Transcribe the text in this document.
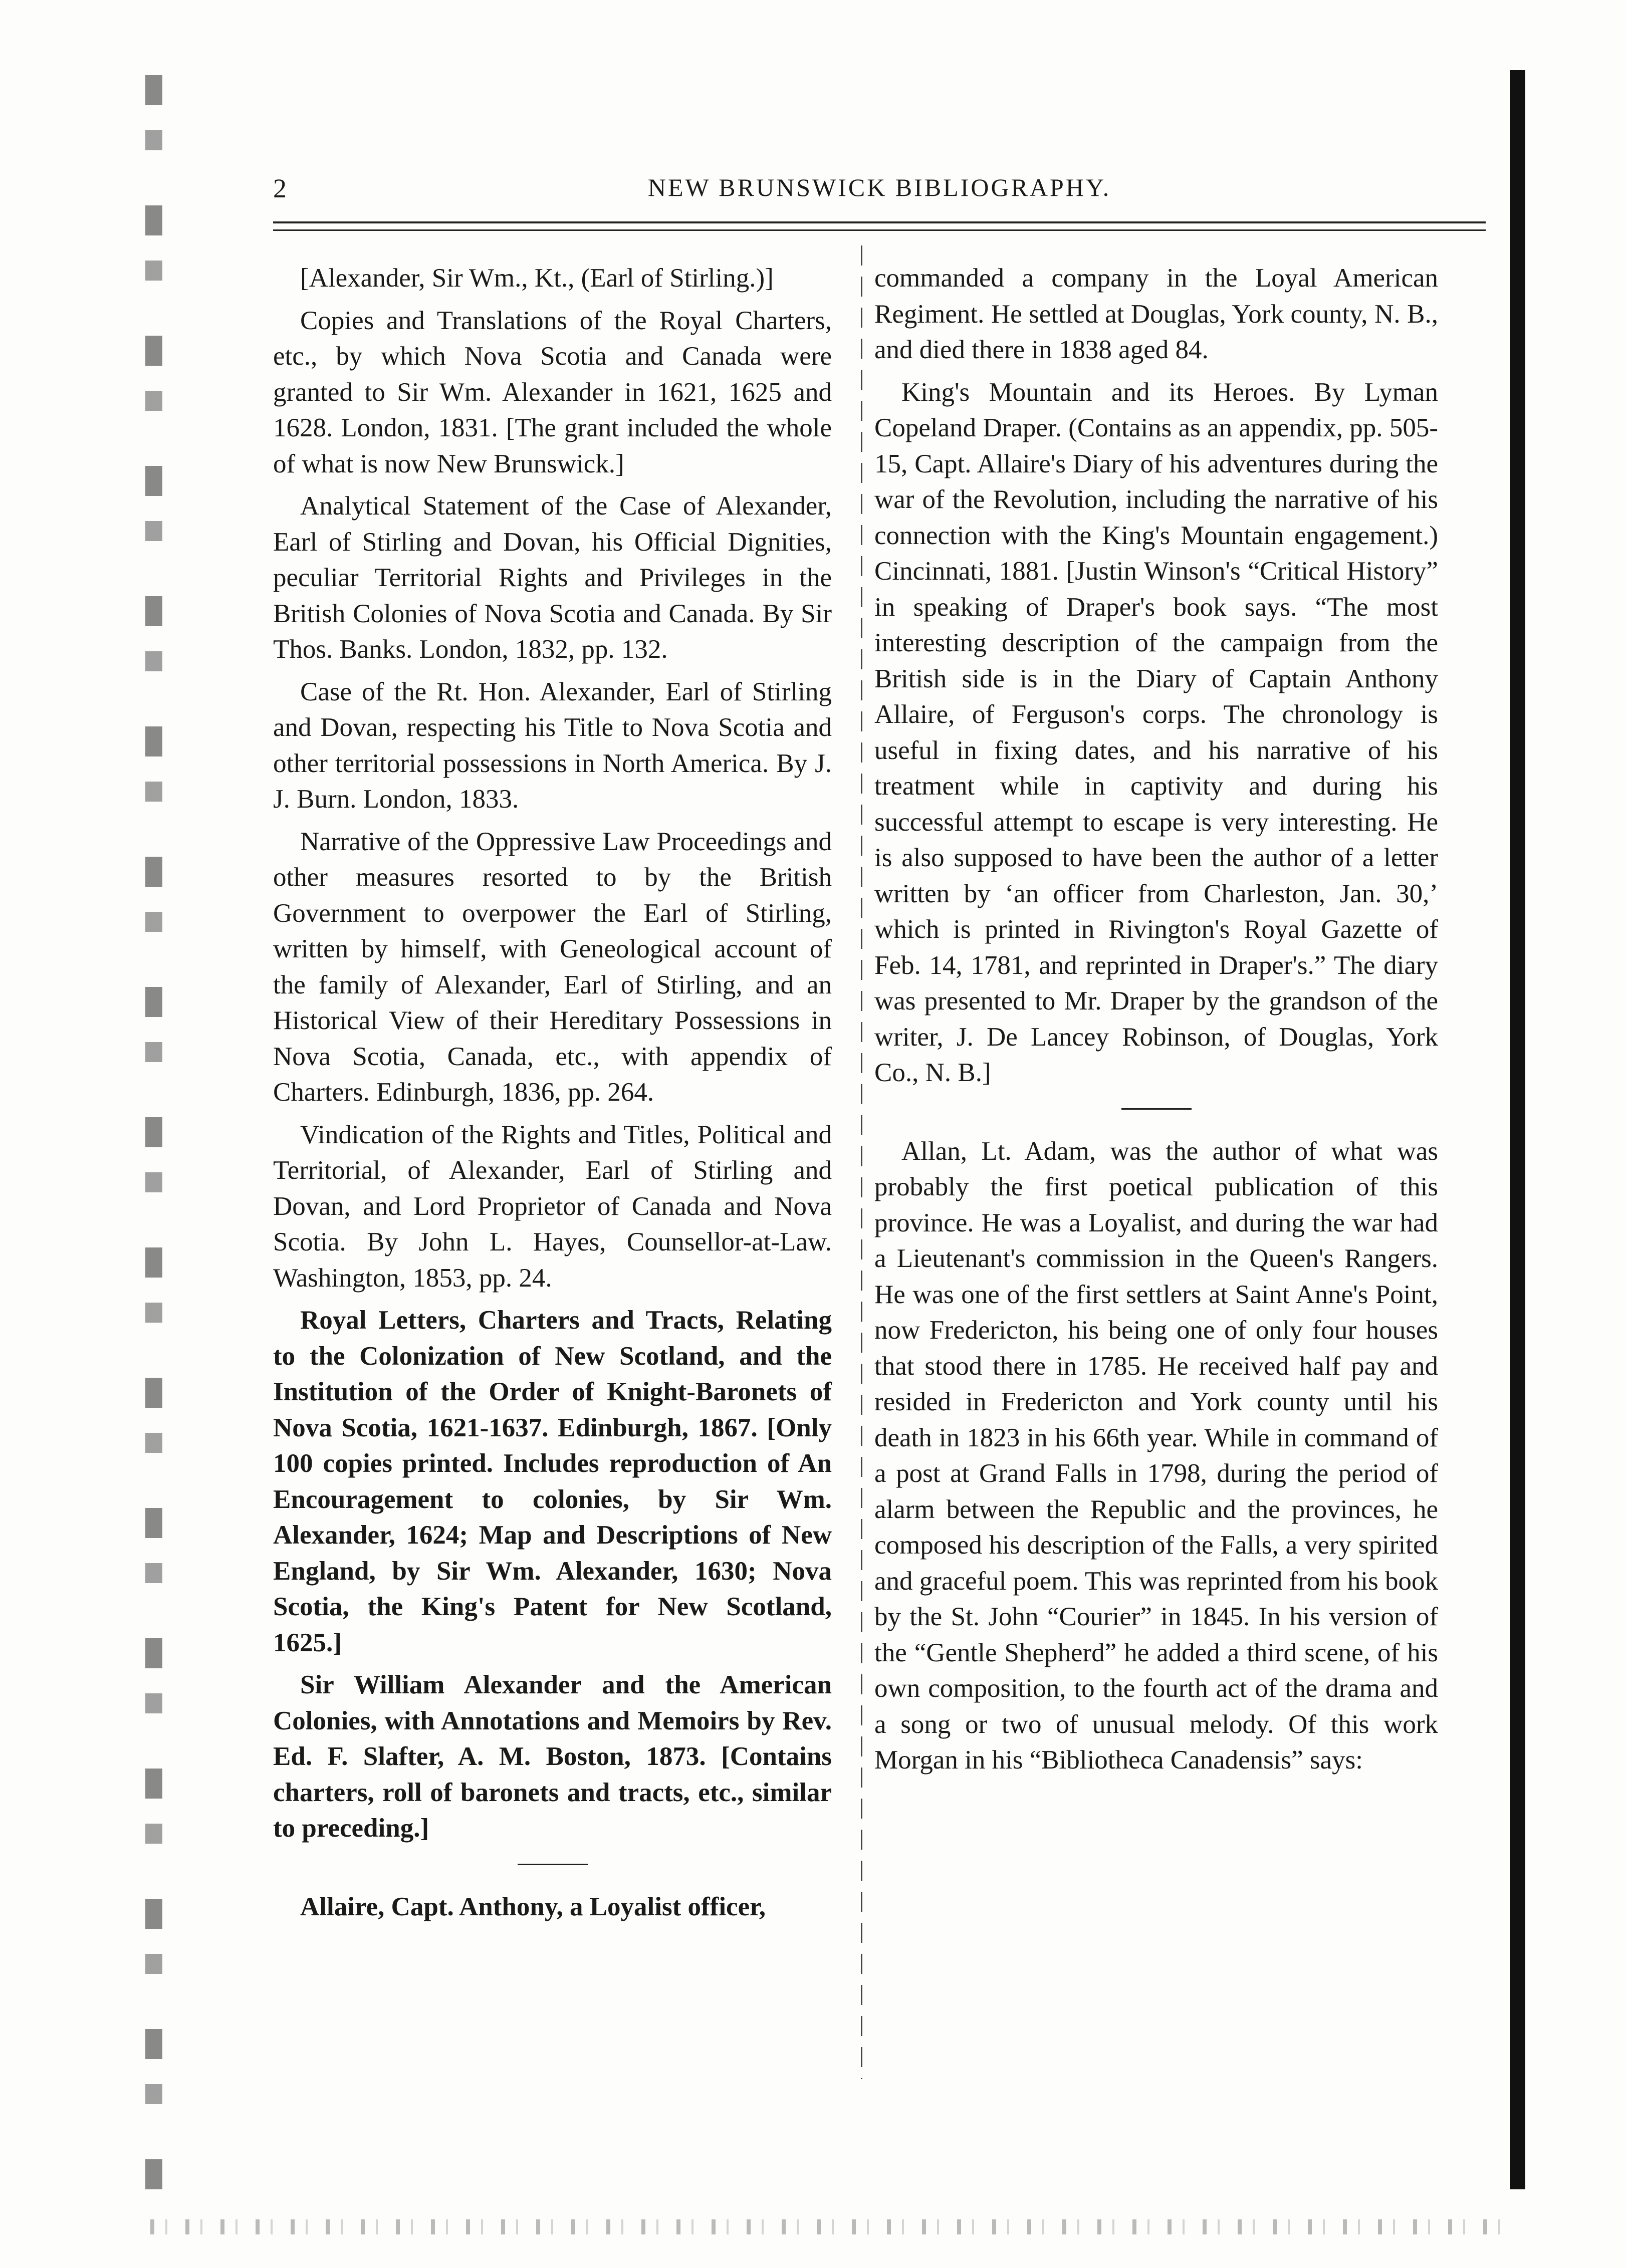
2	NEW BRUNSWICK BIBLIOGRAPHY.

[Alexander, Sir Wm., Kt., (Earl of Stirling.)]

Copies and Translations of the Royal Charters, etc., by which Nova Scotia and Canada were granted to Sir Wm. Alexander in 1621, 1625 and 1628. London, 1831. [The grant included the whole of what is now New Brunswick.]

Analytical Statement of the Case of Alexander, Earl of Stirling and Dovan, his Official Dignities, peculiar Territorial Rights and Privileges in the British Colonies of Nova Scotia and Canada. By Sir Thos. Banks. London, 1832, pp. 132.

Case of the Rt. Hon. Alexander, Earl of Stirling and Dovan, respecting his Title to Nova Scotia and other territorial possessions in North America. By J. J. Burn. London, 1833.

Narrative of the Oppressive Law Proceedings and other measures resorted to by the British Government to overpower the Earl of Stirling, written by himself, with Geneological account of the family of Alexander, Earl of Stirling, and an Historical View of their Hereditary Possessions in Nova Scotia, Canada, etc., with appendix of Charters. Edinburgh, 1836, pp. 264.

Vindication of the Rights and Titles, Political and Territorial, of Alexander, Earl of Stirling and Dovan, and Lord Proprietor of Canada and Nova Scotia. By John L. Hayes, Counsellor-at-Law. Washington, 1853, pp. 24.

Royal Letters, Charters and Tracts, Relating to the Colonization of New Scotland, and the Institution of the Order of Knight-Baronets of Nova Scotia, 1621-1637. Edinburgh, 1867. [Only 100 copies printed. Includes reproduction of An Encouragement to colonies, by Sir Wm. Alexander, 1624; Map and Descriptions of New England, by Sir Wm. Alexander, 1630; Nova Scotia, the King's Patent for New Scotland, 1625.]

Sir William Alexander and the American Colonies, with Annotations and Memoirs by Rev. Ed. F. Slafter, A. M. Boston, 1873. [Contains charters, roll of baronets and tracts, etc., similar to preceding.]

Allaire, Capt. Anthony, a Loyalist officer,

commanded a company in the Loyal American Regiment. He settled at Douglas, York county, N. B., and died there in 1838 aged 84.

King's Mountain and its Heroes. By Lyman Copeland Draper. (Contains as an appendix, pp. 505-15, Capt. Allaire's Diary of his adventures during the war of the Revolution, including the narrative of his connection with the King's Mountain engagement.) Cincinnati, 1881. [Justin Winson's “Critical History” in speaking of Draper's book says. “The most interesting description of the campaign from the British side is in the Diary of Captain Anthony Allaire, of Ferguson's corps. The chronology is useful in fixing dates, and his narrative of his treatment while in captivity and during his successful attempt to escape is very interesting. He is also supposed to have been the author of a letter written by ‘an officer from Charleston, Jan. 30,’ which is printed in Rivington's Royal Gazette of Feb. 14, 1781, and reprinted in Draper's.” The diary was presented to Mr. Draper by the grandson of the writer, J. De Lancey Robinson, of Douglas, York Co., N. B.]

Allan, Lt. Adam, was the author of what was probably the first poetical publication of this province. He was a Loyalist, and during the war had a Lieutenant's commission in the Queen's Rangers. He was one of the first settlers at Saint Anne's Point, now Fredericton, his being one of only four houses that stood there in 1785. He received half pay and resided in Fredericton and York county until his death in 1823 in his 66th year. While in command of a post at Grand Falls in 1798, during the period of alarm between the Republic and the provinces, he composed his description of the Falls, a very spirited and graceful poem. This was reprinted from his book by the St. John “Courier” in 1845. In his version of the “Gentle Shepherd” he added a third scene, of his own composition, to the fourth act of the drama and a song or two of unusual melody. Of this work Morgan in his “Bibliotheca Canadensis” says:
